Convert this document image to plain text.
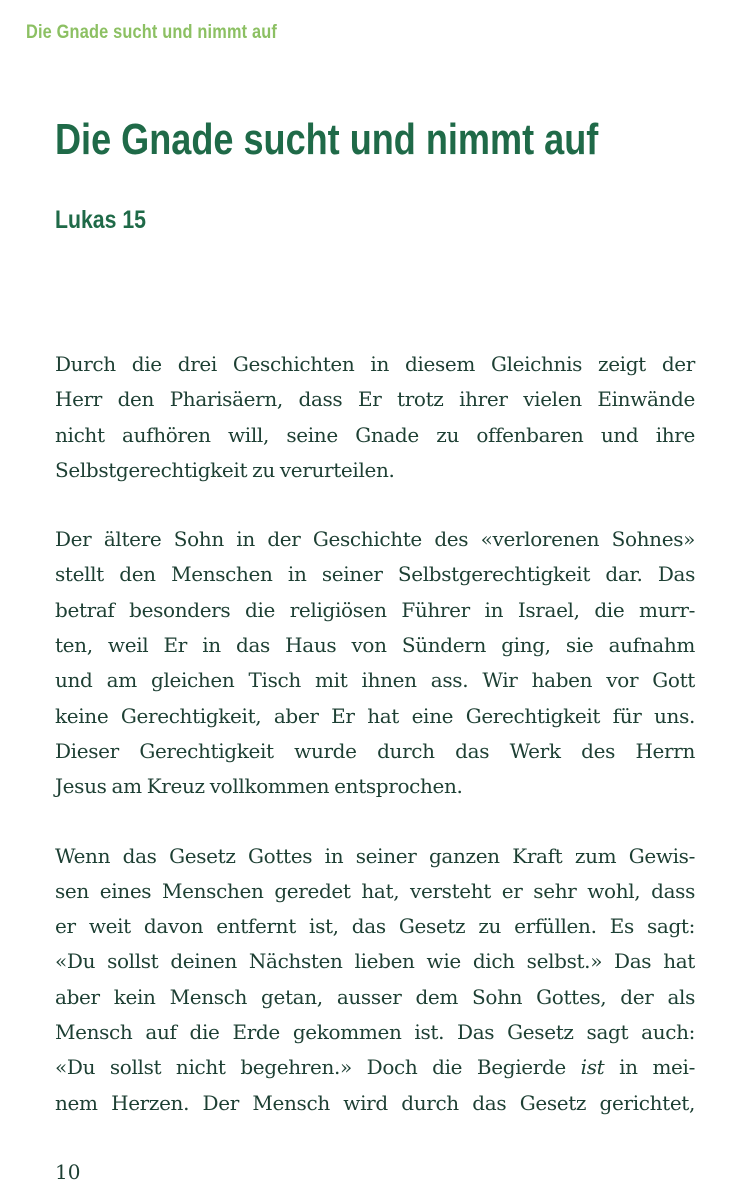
Die Gnade sucht und nimmt auf
Die Gnade sucht und nimmt auf
Lukas 15

Durch die drei Geschichten in diesem Gleichnis zeigt der
Herr den Pharisäern, dass Er trotz ihrer vielen Einwände
nicht aufhören will, seine Gnade zu offenbaren und ihre
Selbstgerechtigkeit zu verurteilen.

Der ältere Sohn in der Geschichte des «verlorenen Sohnes»
stellt den Menschen in seiner Selbstgerechtigkeit dar. Das
betraf besonders die religiösen Führer in Israel, die murr-
ten, weil Er in das Haus von Sündern ging, sie aufnahm
und am gleichen Tisch mit ihnen ass. Wir haben vor Gott
keine Gerechtigkeit, aber Er hat eine Gerechtigkeit für uns.
Dieser Gerechtigkeit wurde durch das Werk des Herrn
Jesus am Kreuz vollkommen entsprochen.

Wenn das Gesetz Gottes in seiner ganzen Kraft zum Gewis-
sen eines Menschen geredet hat, versteht er sehr wohl, dass
er weit davon entfernt ist, das Gesetz zu erfüllen. Es sagt:
«Du sollst deinen Nächsten lieben wie dich selbst.» Das hat
aber kein Mensch getan, ausser dem Sohn Gottes, der als
Mensch auf die Erde gekommen ist. Das Gesetz sagt auch:
«Du sollst nicht begehren.» Doch die Begierde ist in mei-
nem Herzen. Der Mensch wird durch das Gesetz gerichtet,

10
